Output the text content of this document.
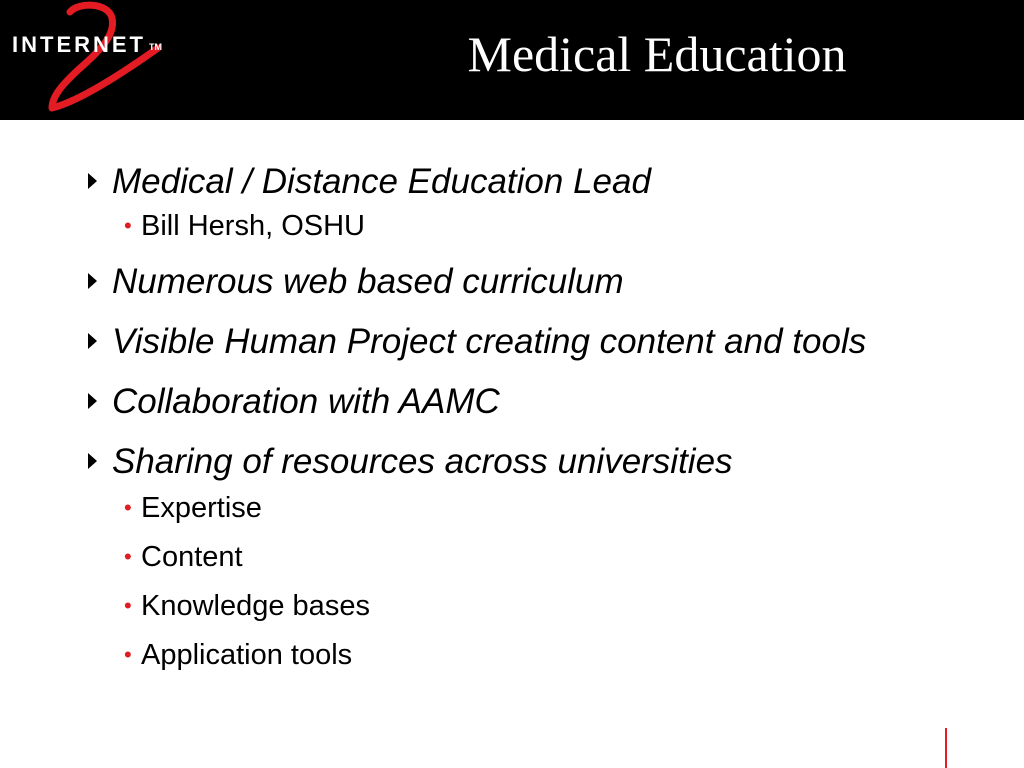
INTERNET TM	Medical Education
Medical / Distance Education Lead
• Bill Hersh, OSHU
Numerous web based curriculum
Visible Human Project creating content and tools
Collaboration with AAMC
Sharing of resources across universities
• Expertise
• Content
• Knowledge bases
• Application tools
